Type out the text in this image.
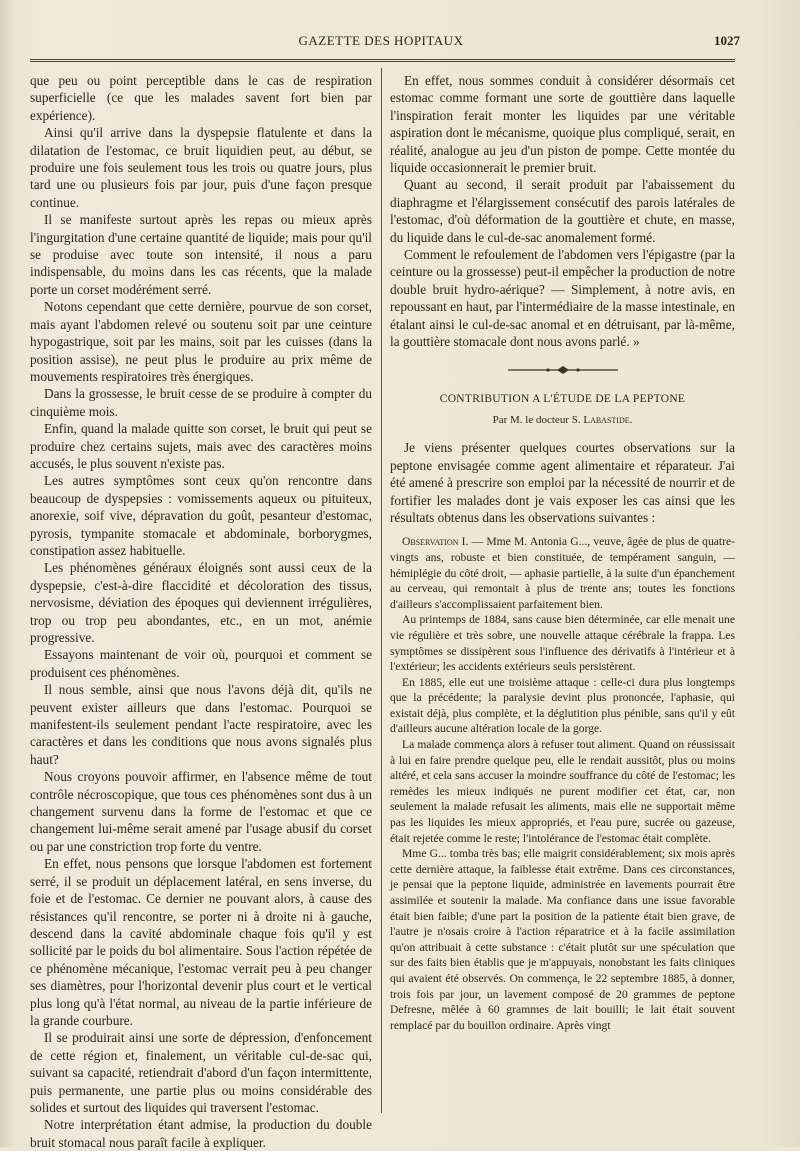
GAZETTE DES HOPITAUX	1027

que peu ou point perceptible dans le cas de respiration superficielle (ce que les malades savent fort bien par expérience).

Ainsi qu'il arrive dans la dyspepsie flatulente et dans la dilatation de l'estomac, ce bruit liquidien peut, au début, se produire une fois seulement tous les trois ou quatre jours, plus tard une ou plusieurs fois par jour, puis d'une façon presque continue.

Il se manifeste surtout après les repas ou mieux après l'ingurgitation d'une certaine quantité de liquide; mais pour qu'il se produise avec toute son intensité, il nous a paru indispensable, du moins dans les cas récents, que la malade porte un corset modérément serré.

Notons cependant que cette dernière, pourvue de son corset, mais ayant l'abdomen relevé ou soutenu soit par une ceinture hypogastrique, soit par les mains, soit par les cuisses (dans la position assise), ne peut plus le produire au prix même de mouvements respiratoires très énergiques.

Dans la grossesse, le bruit cesse de se produire à compter du cinquième mois.

Enfin, quand la malade quitte son corset, le bruit qui peut se produire chez certains sujets, mais avec des caractères moins accusés, le plus souvent n'existe pas.

Les autres symptômes sont ceux qu'on rencontre dans beaucoup de dyspepsies : vomissements aqueux ou pituiteux, anorexie, soif vive, dépravation du goût, pesanteur d'estomac, pyrosis, tympanite stomacale et abdominale, borborygmes, constipation assez habituelle.

Les phénomènes généraux éloignés sont aussi ceux de la dyspepsie, c'est-à-dire flaccidité et décoloration des tissus, nervosisme, déviation des époques qui deviennent irrégulières, trop ou trop peu abondantes, etc., en un mot, anémie progressive.

Essayons maintenant de voir où, pourquoi et comment se produisent ces phénomènes.

Il nous semble, ainsi que nous l'avons déjà dit, qu'ils ne peuvent exister ailleurs que dans l'estomac. Pourquoi se manifestent-ils seulement pendant l'acte respiratoire, avec les caractères et dans les conditions que nous avons signalés plus haut?

Nous croyons pouvoir affirmer, en l'absence même de tout contrôle nécroscopique, que tous ces phénomènes sont dus à un changement survenu dans la forme de l'estomac et que ce changement lui-même serait amené par l'usage abusif du corset ou par une constriction trop forte du ventre.

En effet, nous pensons que lorsque l'abdomen est fortement serré, il se produit un déplacement latéral, en sens inverse, du foie et de l'estomac. Ce dernier ne pouvant alors, à cause des résistances qu'il rencontre, se porter ni à droite ni à gauche, descend dans la cavité abdominale chaque fois qu'il y est sollicité par le poids du bol alimentaire. Sous l'action répétée de ce phénomène mécanique, l'estomac verrait peu à peu changer ses diamètres, pour l'horizontal devenir plus court et le vertical plus long qu'à l'état normal, au niveau de la partie inférieure de la grande courbure.

Il se produirait ainsi une sorte de dépression, d'enfoncement de cette région et, finalement, un véritable cul-de-sac qui, suivant sa capacité, retiendrait d'abord d'un façon intermittente, puis permanente, une partie plus ou moins considérable des solides et surtout des liquides qui traversent l'estomac.

Notre interprétation étant admise, la production du double bruit stomacal nous paraît facile à expliquer.

En effet, nous sommes conduit à considérer désormais cet estomac comme formant une sorte de gouttière dans laquelle l'inspiration ferait monter les liquides par une véritable aspiration dont le mécanisme, quoique plus compliqué, serait, en réalité, analogue au jeu d'un piston de pompe. Cette montée du liquide occasionnerait le premier bruit.

Quant au second, il serait produit par l'abaissement du diaphragme et l'élargissement consécutif des parois latérales de l'estomac, d'où déformation de la gouttière et chute, en masse, du liquide dans le cul-de-sac anomalement formé.

Comment le refoulement de l'abdomen vers l'épigastre (par la ceinture ou la grossesse) peut-il empêcher la production de notre double bruit hydro-aérique? — Simplement, à notre avis, en repoussant en haut, par l'intermédiaire de la masse intestinale, en étalant ainsi le cul-de-sac anomal et en détruisant, par là-même, la gouttière stomacale dont nous avons parlé. »

CONTRIBUTION A L'ÉTUDE DE LA PEPTONE
Par M. le docteur S. Labastide.

Je viens présenter quelques courtes observations sur la peptone envisagée comme agent alimentaire et réparateur. J'ai été amené à prescrire son emploi par la nécessité de nourrir et de fortifier les malades dont je vais exposer les cas ainsi que les résultats obtenus dans les observations suivantes :

Observation I. — Mme M. Antonia G..., veuve, âgée de plus de quatre-vingts ans, robuste et bien constituée, de tempérament sanguin, — hémiplégie du côté droit, — aphasie partielle, à la suite d'un épanchement au cerveau, qui remontait à plus de trente ans; toutes les fonctions d'ailleurs s'accomplissaient parfaitement bien.

Au printemps de 1884, sans cause bien déterminée, car elle menait une vie régulière et très sobre, une nouvelle attaque cérébrale la frappa. Les symptômes se dissipèrent sous l'influence des dérivatifs à l'intérieur et à l'extérieur; les accidents extérieurs seuls persistèrent.

En 1885, elle eut une troisième attaque : celle-ci dura plus longtemps que la précédente; la paralysie devint plus prononcée, l'aphasie, qui existait déjà, plus complète, et la déglutition plus pénible, sans qu'il y eût d'ailleurs aucune altération locale de la gorge.

La malade commença alors à refuser tout aliment. Quand on réussissait à lui en faire prendre quelque peu, elle le rendait aussitôt, plus ou moins altéré, et cela sans accuser la moindre souffrance du côté de l'estomac; les remèdes les mieux indiqués ne purent modifier cet état, car, non seulement la malade refusait les aliments, mais elle ne supportait même pas les liquides les mieux appropriés, et l'eau pure, sucrée ou gazeuse, était rejetée comme le reste; l'intolérance de l'estomac était complète.

Mme G... tomba très bas; elle maigrit considérablement; six mois après cette dernière attaque, la faiblesse était extrême. Dans ces circonstances, je pensai que la peptone liquide, administrée en lavements pourrait être assimilée et soutenir la malade. Ma confiance dans une issue favorable était bien faible; d'une part la position de la patiente était bien grave, de l'autre je n'osais croire à l'action réparatrice et à la facile assimilation qu'on attribuait à cette substance : c'était plutôt sur une spéculation que sur des faits bien établis que je m'appuyais, nonobstant les faits cliniques qui avaient été observés. On commença, le 22 septembre 1885, à donner, trois fois par jour, un lavement composé de 20 grammes de peptone Defresne, mêlée à 60 grammes de lait bouilli; le lait était souvent remplacé par du bouillon ordinaire. Après vingt
